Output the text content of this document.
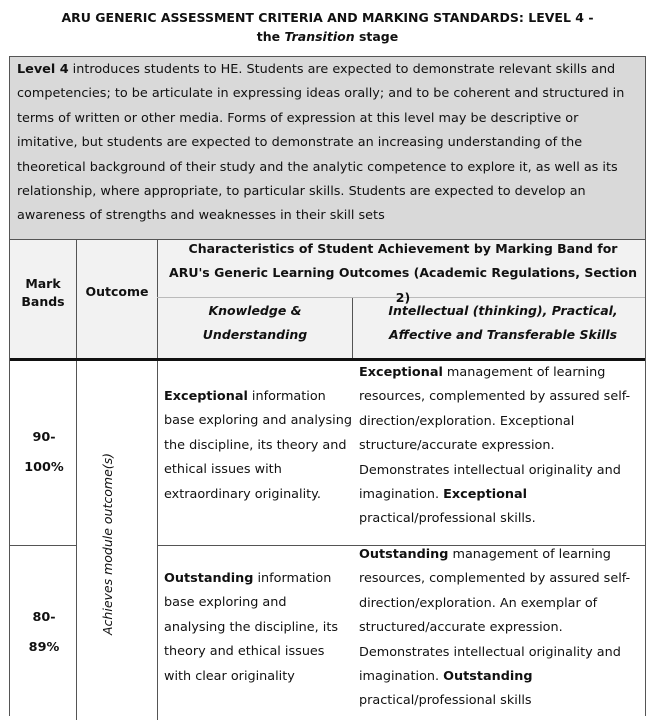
ARU GENERIC ASSESSMENT CRITERIA AND MARKING STANDARDS: LEVEL 4 -
the Transition stage
Level 4 introduces students to HE. Students are expected to demonstrate relevant skills and competencies; to be articulate in expressing ideas orally; and to be coherent and structured in terms of written or other media. Forms of expression at this level may be descriptive or imitative, but students are expected to demonstrate an increasing understanding of the theoretical background of their study and the analytic competence to explore it, as well as its relationship, where appropriate, to particular skills. Students are expected to develop an awareness of strengths and weaknesses in their skill sets
Mark Bands
Outcome
Characteristics of Student Achievement by Marking Band for ARU's Generic Learning Outcomes (Academic Regulations, Section 2)
Knowledge & Understanding
Intellectual (thinking), Practical, Affective and Transferable Skills
90- 100%
Exceptional information base exploring and analysing the discipline, its theory and ethical issues with extraordinary originality.
Exceptional management of learning resources, complemented by assured self-direction/exploration. Exceptional structure/accurate expression. Demonstrates intellectual originality and imagination. Exceptional practical/professional skills.
80- 89%
Outstanding information base exploring and analysing the discipline, its theory and ethical issues with clear originality
Outstanding management of learning resources, complemented by assured self-direction/exploration. An exemplar of structured/accurate expression. Demonstrates intellectual originality and imagination. Outstanding practical/professional skills
Achieves module outcome(s)
